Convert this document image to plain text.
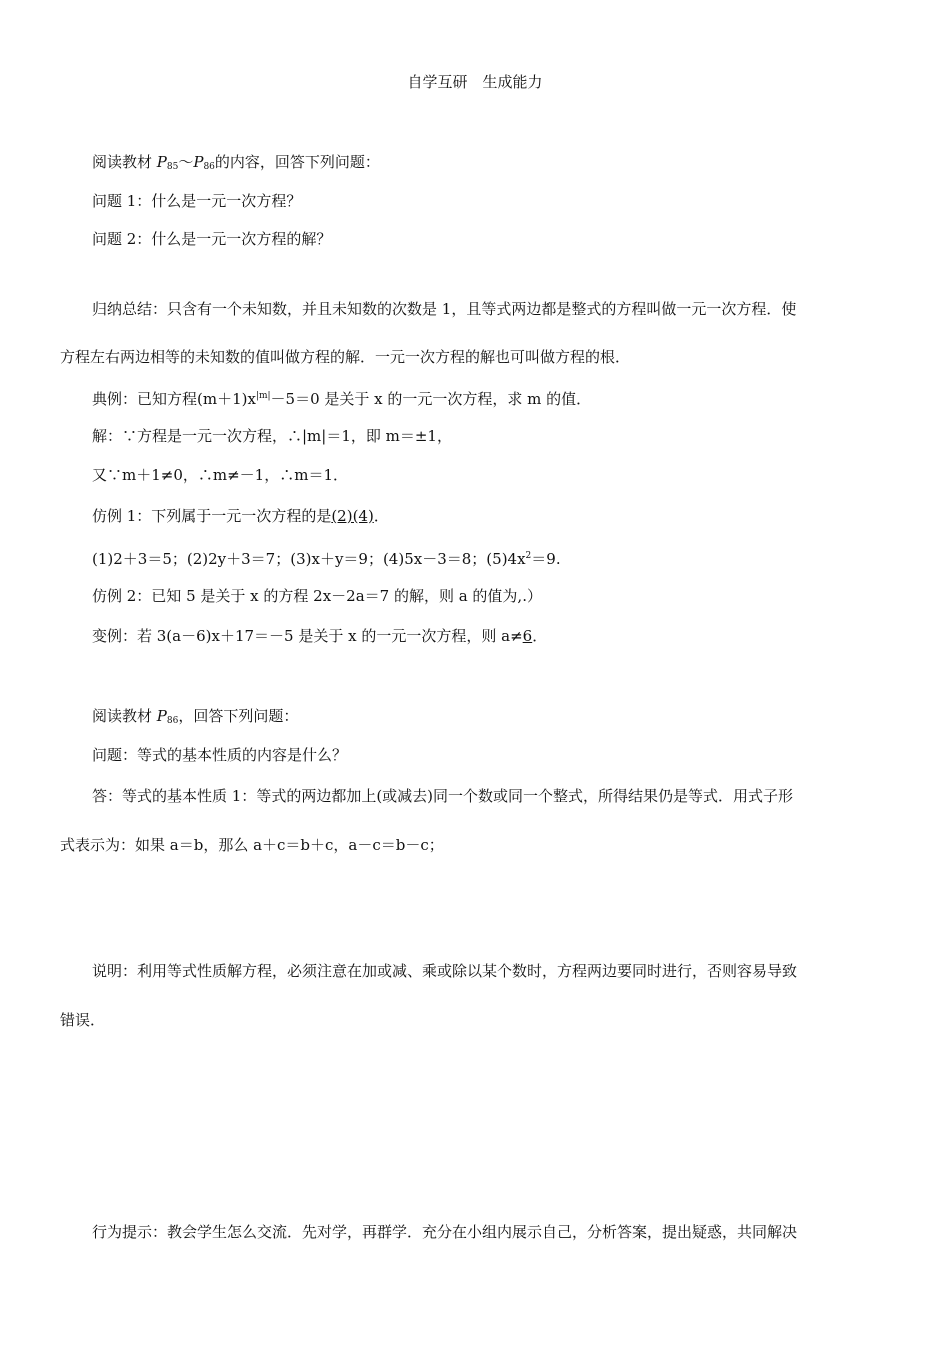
自学互研　生成能力
阅读教材 $P_{85}\sim P_{86}$的内容，回答下列问题：
问题 1：什么是一元一次方程？
问题 2：什么是一元一次方程的解？
归纳总结：只含有一个未知数，并且未知数的次数是 1，且等式两边都是整式的方程叫做一元一次方程．使
方程左右两边相等的未知数的值叫做方程的解．一元一次方程的解也可叫做方程的根．
典例：已知方程$(m+1)x^{|m|}-5=0$ 是关于 x 的一元一次方程，求 m 的值．
解：∵方程是一元一次方程，∴|m|＝1，即 m＝±1，
又∵m＋1≠0，∴m≠－1，∴m＝1．
仿例 1：下列属于一元一次方程的是(2)(4)．
(1)2＋3＝5；(2)2y＋3＝7；(3)x＋y＝9；(4)5x－3＝8；$(5)4x^2=9$.
仿例 2：已知 5 是关于 x 的方程 2x－2a＝7 的解，则 a 的值为,.）
变例：若 3(a－6)x＋17＝－5 是关于 x 的一元一次方程，则 a≠6．
阅读教材 $P_{86}$，回答下列问题：
问题：等式的基本性质的内容是什么？
答：等式的基本性质 1：等式的两边都加上(或减去)同一个数或同一个整式，所得结果仍是等式．用式子形
式表示为：如果 a＝b，那么 a＋c＝b＋c，a－c＝b－c；
说明：利用等式性质解方程，必须注意在加或减、乘或除以某个数时，方程两边要同时进行，否则容易导致
错误．
行为提示：教会学生怎么交流．先对学，再群学．充分在小组内展示自己，分析答案，提出疑惑，共同解决
